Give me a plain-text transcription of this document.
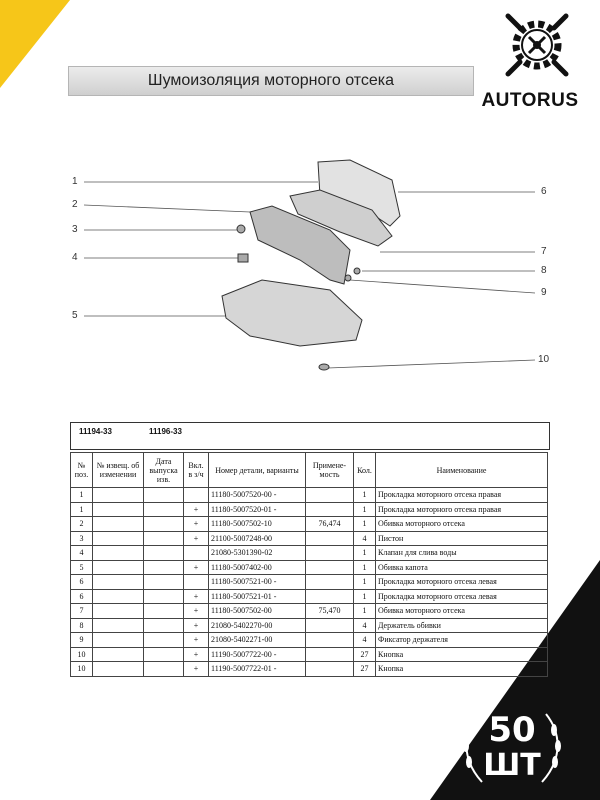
AUTORUS
Шумоизоляция моторного отсека
1
2
3
4
5
6
7
8
9
10
11194-33	11196-33
№ поз.	№ извещ. об изменении	Дата выпуска изв.	Вкл. в з/ч	Номер детали, варианты	Примене- мость	Кол.	Наименование
1				11180-5007520-00 -		1	Прокладка моторного отсека правая
1			+	11180-5007520-01 -		1	Прокладка моторного отсека правая
2			+	11180-5007502-10	76,474	1	Обивка моторного отсека
3			+	21100-5007248-00		4	Пистон
4				21080-5301390-02		1	Клапан для слива воды
5			+	11180-5007402-00		1	Обивка капота
6				11180-5007521-00 -		1	Прокладка моторного отсека левая
6			+	11180-5007521-01 -		1	Прокладка моторного отсека левая
7			+	11180-5007502-00	75,470	1	Обивка моторного отсека
8			+	21080-5402270-00		4	Держатель обивки
9			+	21080-5402271-00		4	Фиксатор держателя
10			+	11190-5007722-00 -		27	Кнопка
10			+	11190-5007722-01 -		27	Кнопка
50
ШТ
